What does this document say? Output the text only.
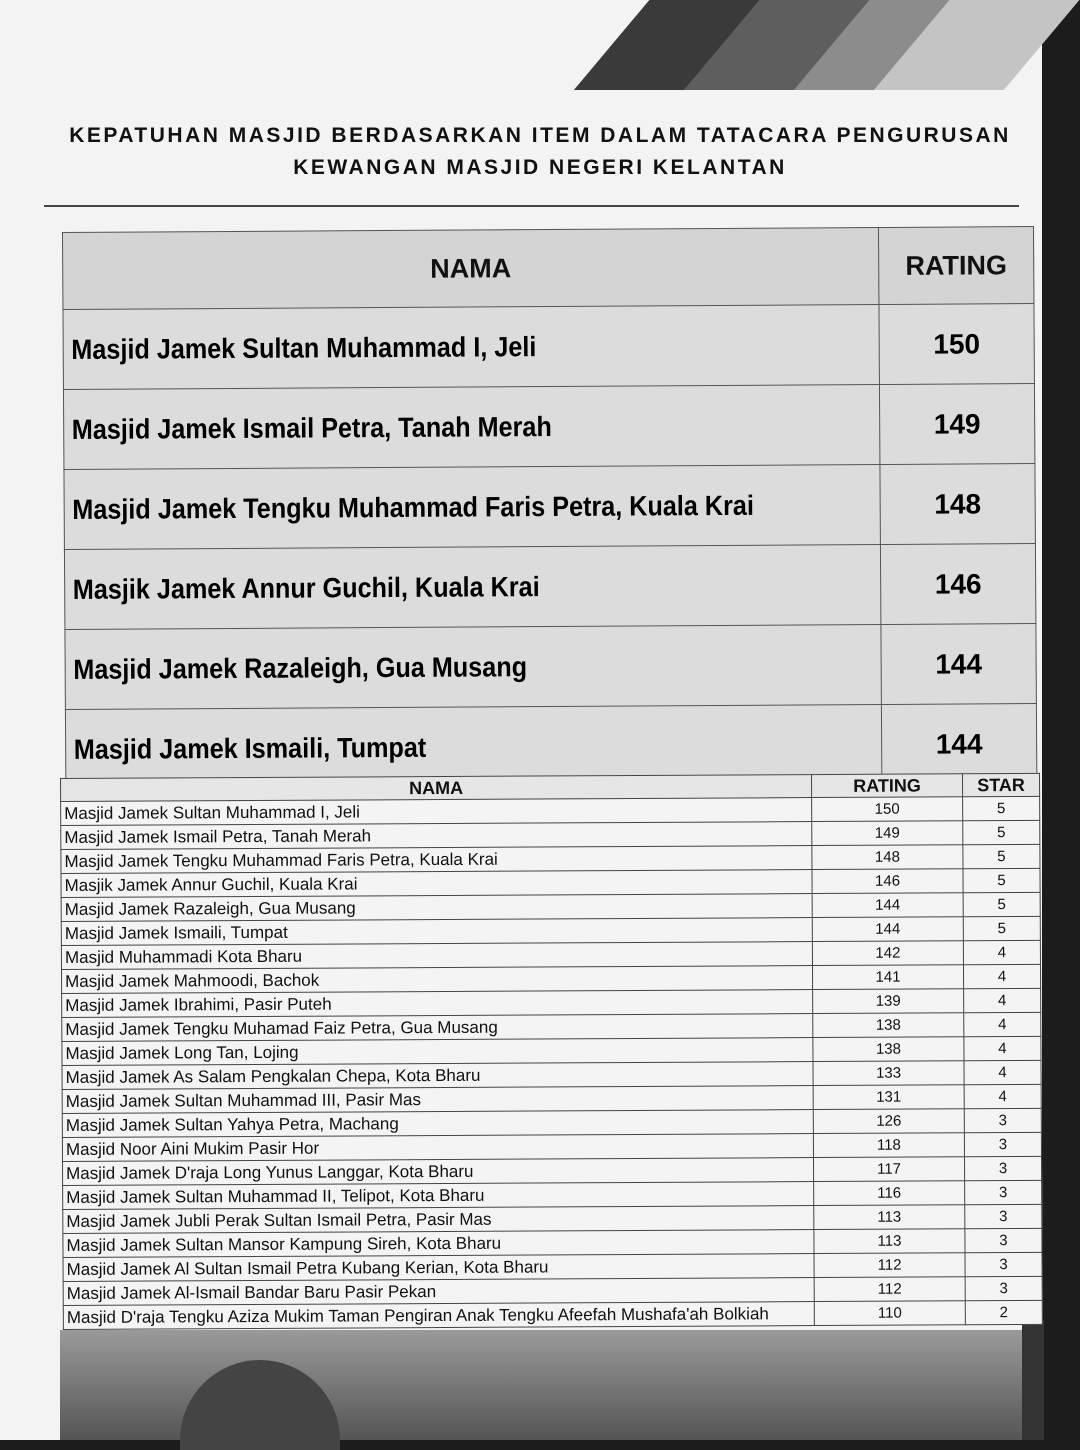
KEPATUHAN MASJID BERDASARKAN ITEM DALAM TATACARA PENGURUSAN KEWANGAN MASJID NEGERI KELANTAN
NAMA	RATING
Masjid Jamek Sultan Muhammad I, Jeli	150
Masjid Jamek Ismail Petra, Tanah Merah	149
Masjid Jamek Tengku Muhammad Faris Petra, Kuala Krai	148
Masjik Jamek Annur Guchil, Kuala Krai	146
Masjid Jamek Razaleigh, Gua Musang	144
Masjid Jamek Ismaili, Tumpat	144
NAMA	RATING	STAR
Masjid Jamek Sultan Muhammad I, Jeli	150	5
Masjid Jamek Ismail Petra, Tanah Merah	149	5
Masjid Jamek Tengku Muhammad Faris Petra, Kuala Krai	148	5
Masjik Jamek Annur Guchil, Kuala Krai	146	5
Masjid Jamek Razaleigh, Gua Musang	144	5
Masjid Jamek Ismaili, Tumpat	144	5
Masjid Muhammadi Kota Bharu	142	4
Masjid Jamek Mahmoodi, Bachok	141	4
Masjid Jamek Ibrahimi, Pasir Puteh	139	4
Masjid Jamek Tengku Muhamad Faiz Petra, Gua Musang	138	4
Masjid Jamek Long Tan, Lojing	138	4
Masjid Jamek As Salam Pengkalan Chepa, Kota Bharu	133	4
Masjid Jamek Sultan Muhammad III, Pasir Mas	131	4
Masjid Jamek Sultan Yahya Petra, Machang	126	3
Masjid Noor Aini Mukim Pasir Hor	118	3
Masjid Jamek D'raja Long Yunus Langgar, Kota Bharu	117	3
Masjid Jamek Sultan Muhammad II, Telipot, Kota Bharu	116	3
Masjid Jamek Jubli Perak Sultan Ismail Petra, Pasir Mas	113	3
Masjid Jamek Sultan Mansor Kampung Sireh, Kota Bharu	113	3
Masjid Jamek Al Sultan Ismail Petra Kubang Kerian, Kota Bharu	112	3
Masjid Jamek Al-Ismail Bandar Baru Pasir Pekan	112	3
Masjid D'raja Tengku Aziza Mukim Taman Pengiran Anak Tengku Afeefah Mushafa'ah Bolkiah	110	2
